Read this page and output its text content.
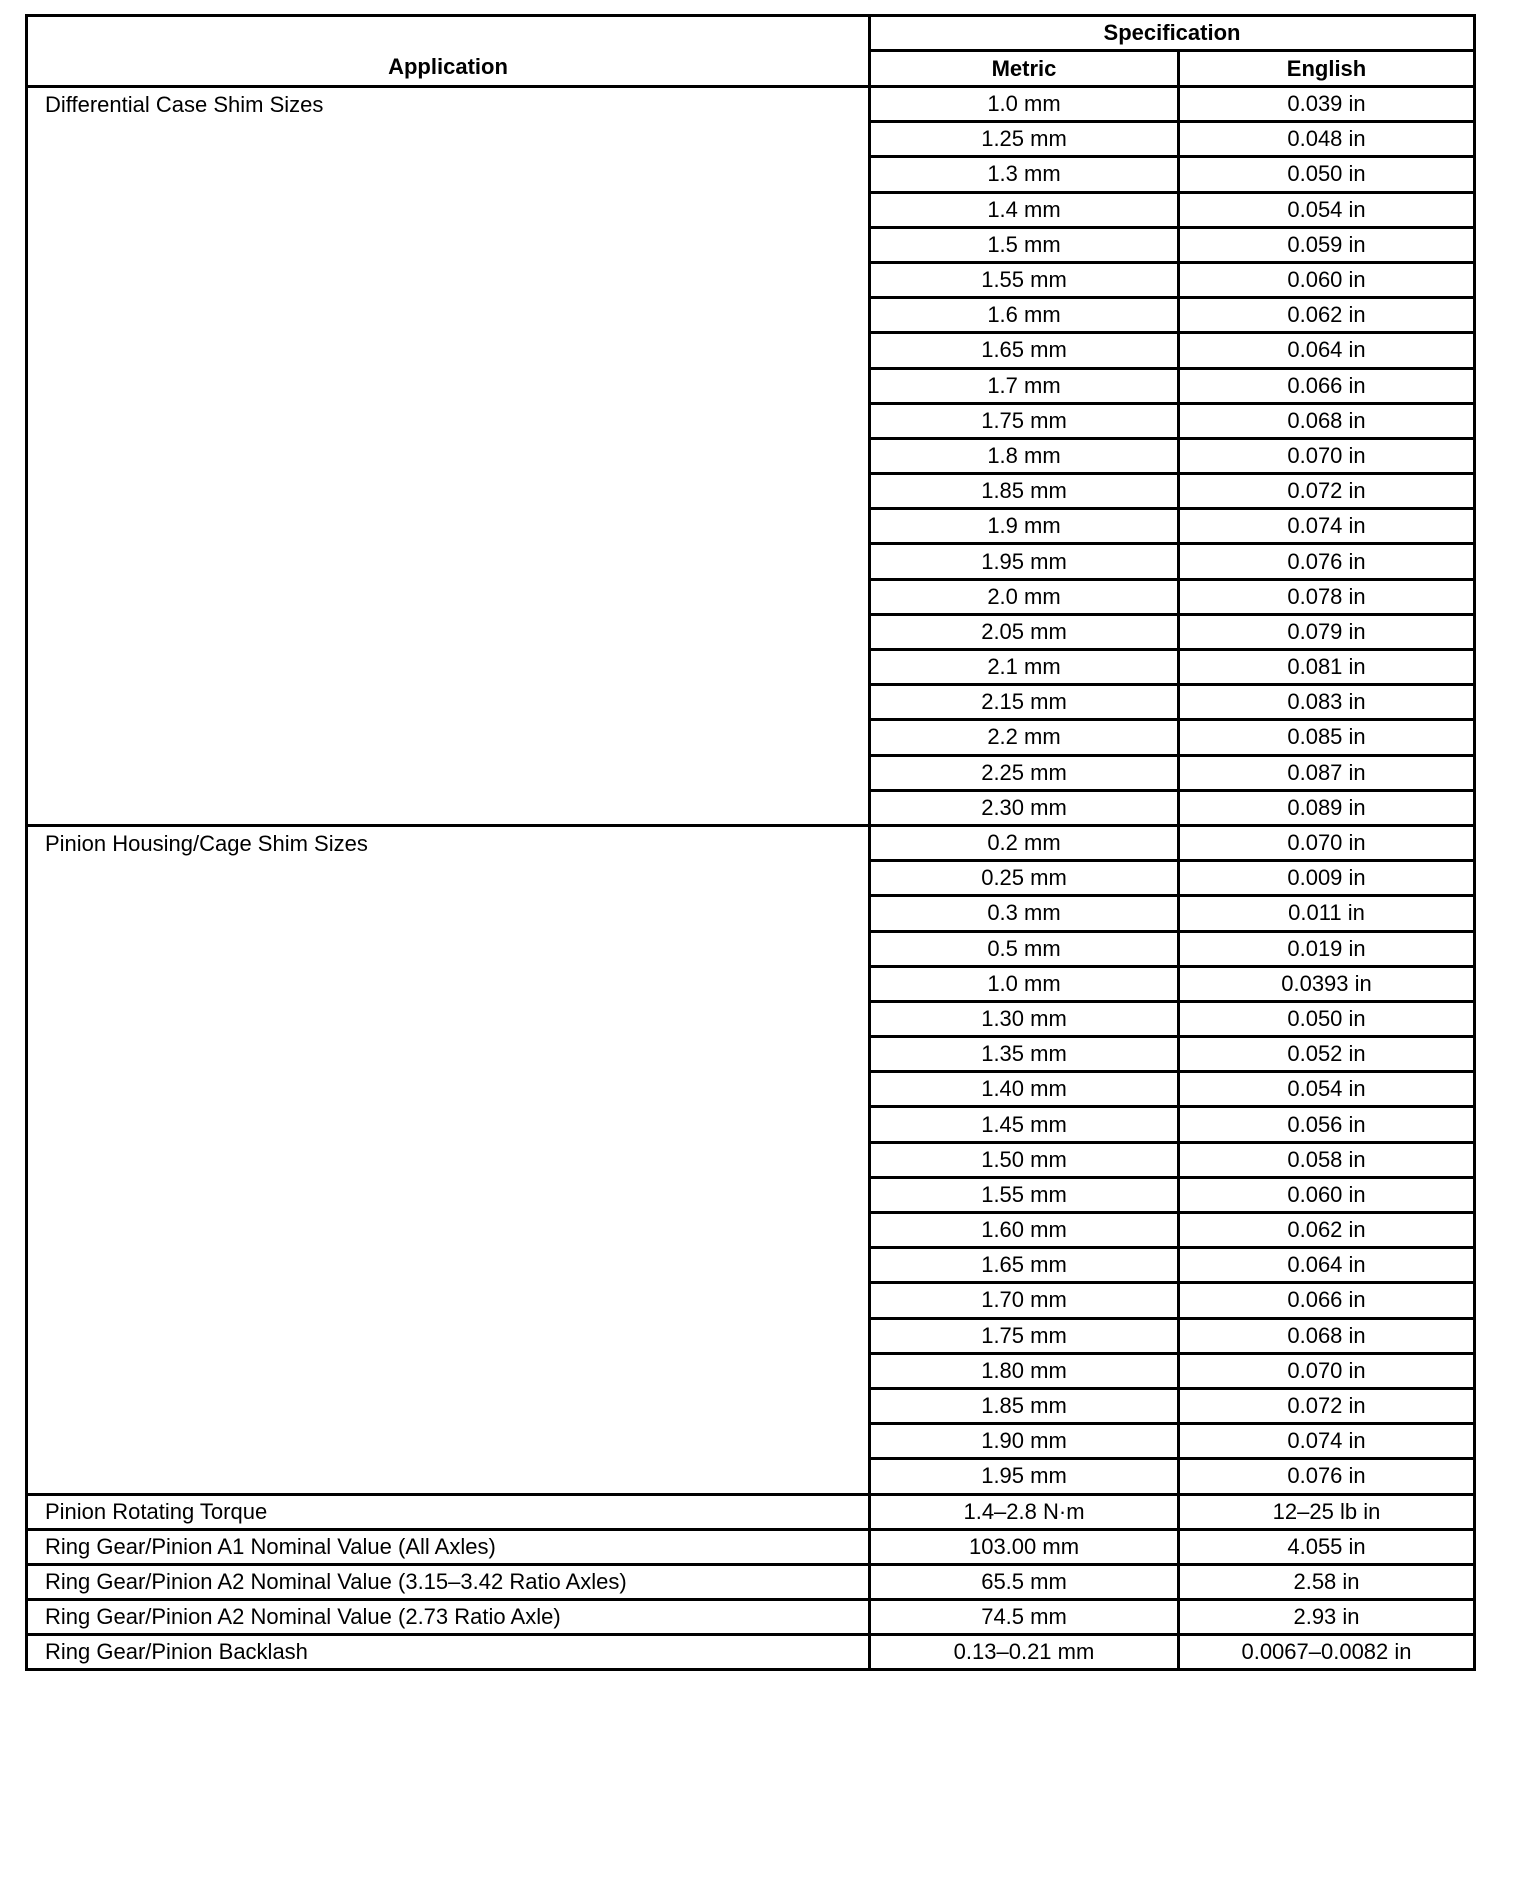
Application	Specification	
	Metric	English
Differential Case Shim Sizes	1.0 mm	0.039 in
	1.25 mm	0.048 in
	1.3 mm	0.050 in
	1.4 mm	0.054 in
	1.5 mm	0.059 in
	1.55 mm	0.060 in
	1.6 mm	0.062 in
	1.65 mm	0.064 in
	1.7 mm	0.066 in
	1.75 mm	0.068 in
	1.8 mm	0.070 in
	1.85 mm	0.072 in
	1.9 mm	0.074 in
	1.95 mm	0.076 in
	2.0 mm	0.078 in
	2.05 mm	0.079 in
	2.1 mm	0.081 in
	2.15 mm	0.083 in
	2.2 mm	0.085 in
	2.25 mm	0.087 in
	2.30 mm	0.089 in
Pinion Housing/Cage Shim Sizes	0.2 mm	0.070 in
	0.25 mm	0.009 in
	0.3 mm	0.011 in
	0.5 mm	0.019 in
	1.0 mm	0.0393 in
	1.30 mm	0.050 in
	1.35 mm	0.052 in
	1.40 mm	0.054 in
	1.45 mm	0.056 in
	1.50 mm	0.058 in
	1.55 mm	0.060 in
	1.60 mm	0.062 in
	1.65 mm	0.064 in
	1.70 mm	0.066 in
	1.75 mm	0.068 in
	1.80 mm	0.070 in
	1.85 mm	0.072 in
	1.90 mm	0.074 in
	1.95 mm	0.076 in
Pinion Rotating Torque	1.4–2.8 N·m	12–25 lb in
Ring Gear/Pinion A1 Nominal Value (All Axles)	103.00 mm	4.055 in
Ring Gear/Pinion A2 Nominal Value (3.15–3.42 Ratio Axles)	65.5 mm	2.58 in
Ring Gear/Pinion A2 Nominal Value (2.73 Ratio Axle)	74.5 mm	2.93 in
Ring Gear/Pinion Backlash	0.13–0.21 mm	0.0067–0.0082 in
